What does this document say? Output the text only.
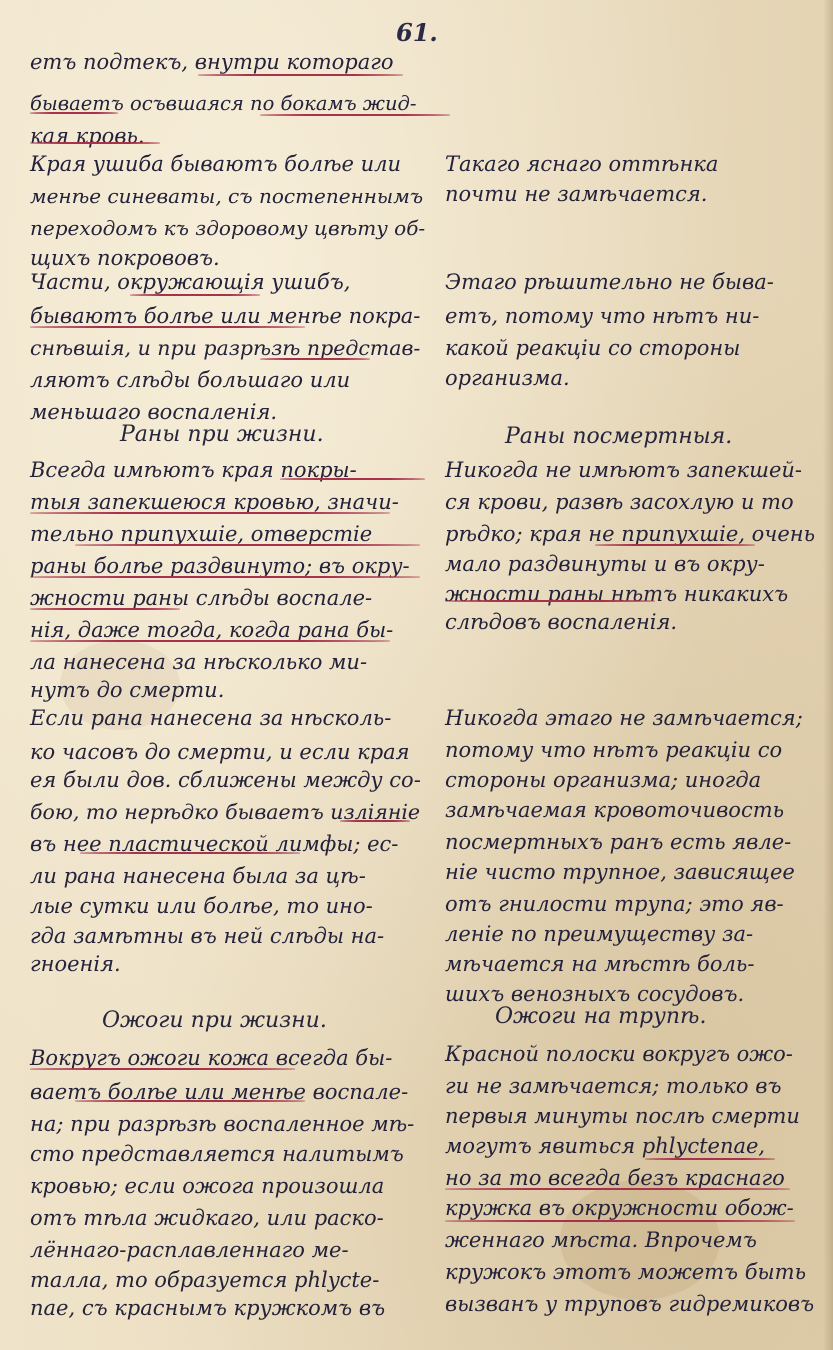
61.
етъ подтекъ, внутри котораго
бываетъ осъвшаяся по бокамъ жид-
кая кровь.
Края ушиба бываютъ болѣе или
менѣе синеваты, съ постепеннымъ
переходомъ къ здоровому цвѣту об-
щихъ покрововъ.
Части, окружающія ушибъ,
бываютъ болѣе или менѣе покра-
снѣвшія, и при разрѣзѣ представ-
ляютъ слѣды большаго или
меньшаго воспаленія.
Раны при жизни.
Всегда имѣютъ края покры-
тыя запекшеюся кровью, значи-
тельно припухшіе, отверстіе
раны болѣе раздвинуто; въ окру-
жности раны слѣды воспале-
нія, даже тогда, когда рана бы-
ла нанесена за нѣсколько ми-
нутъ до смерти.
Если рана нанесена за нѣсколь-
ко часовъ до смерти, и если края
ея были дов. сближены между со-
бою, то нерѣдко бываетъ изліяніе
въ нее пластической лимфы; ес-
ли рана нанесена была за цѣ-
лые сутки или болѣе, то ино-
гда замѣтны въ ней слѣды на-
гноенія.
Ожоги при жизни.
Вокругъ ожоги кожа всегда бы-
ваетъ болѣе или менѣе воспале-
на; при разрѣзѣ воспаленное мѣ-
сто представляется налитымъ
кровью; если ожога произошла
отъ тѣла жидкаго, или раско-
лённаго-расплавленнаго ме-
талла, то образуется phlyctе-
nae, съ краснымъ кружкомъ въ
Такаго яснаго оттѣнка
почти не замѣчается.
Этаго рѣшительно не быва-
етъ, потому что нѣтъ ни-
какой реакціи со стороны
организма.
Раны посмертныя.
Никогда не имѣютъ запекшей-
ся крови, развѣ засохлую и то
рѣдко; края не припухшіе, очень
мало раздвинуты и въ окру-
жности раны нѣтъ никакихъ
слѣдовъ воспаленія.
Никогда этаго не замѣчается;
потому что нѣтъ реакціи со
стороны организма; иногда
замѣчаемая кровоточивость
посмертныхъ ранъ есть явле-
ніе чисто трупное, зависящее
отъ гнилости трупа; это яв-
леніе по преимуществу за-
мѣчается на мѣстѣ боль-
шихъ венозныхъ сосудовъ.
Ожоги на трупѣ.
Красной полоски вокругъ ожо-
ги не замѣчается; только въ
первыя минуты послѣ смерти
могутъ явиться phlyctenae,
но за то всегда безъ краснаго
кружка въ окружности обож-
женнаго мѣста. Впрочемъ
кружокъ этотъ можетъ быть
вызванъ у труповъ гидремиковъ
